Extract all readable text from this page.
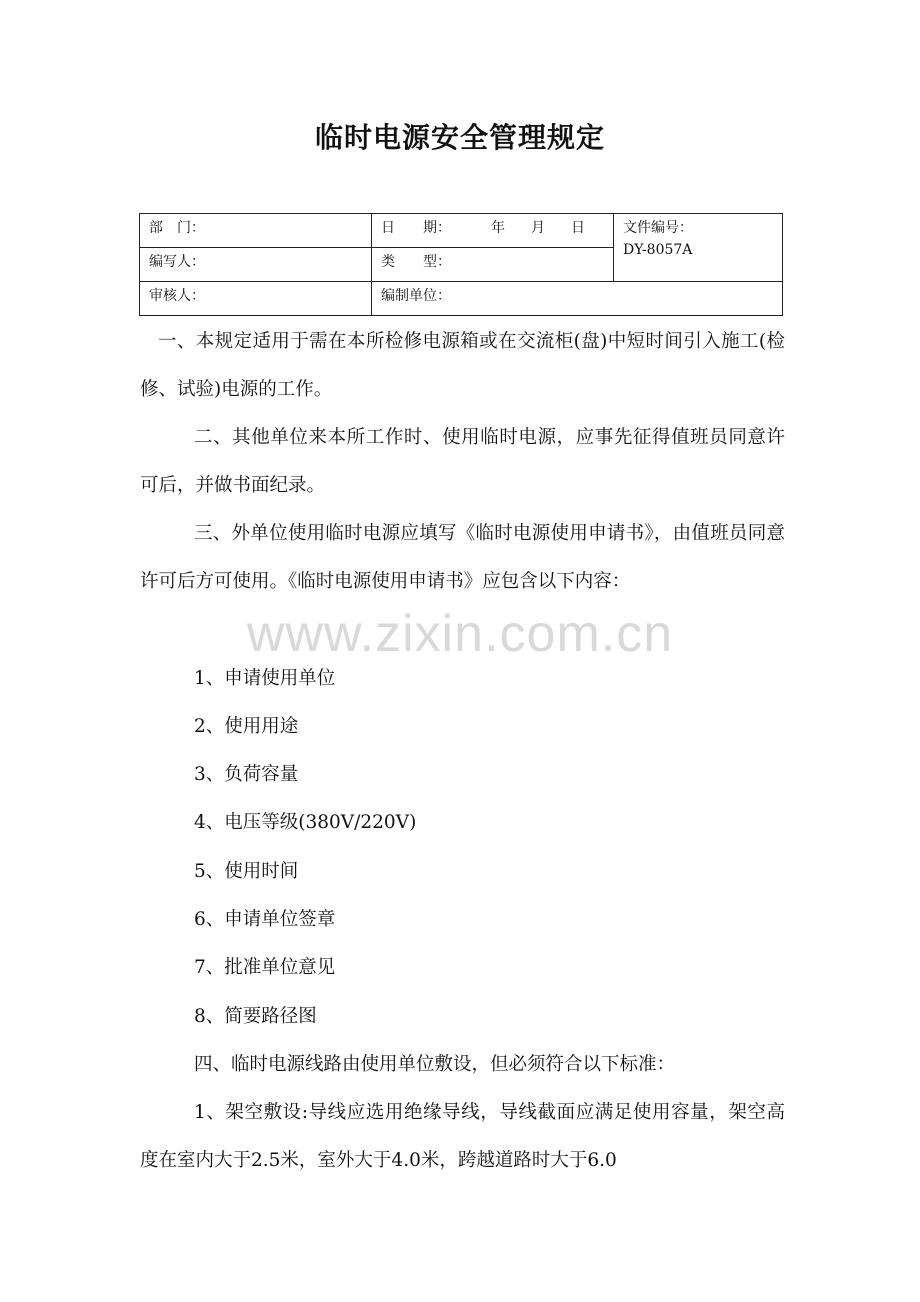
临时电源安全管理规定
部　门：	日　　期： 年 月 日	文件编号：
DY-8057A

编写人：	类　　型：	
审核人：	编制单位：	
www.zixin.com.cn

一、本规定适用于需在本所检修电源箱或在交流柜(盘)中短时间引入施工(检修、试验)电源的工作。

二、其他单位来本所工作时、使用临时电源，应事先征得值班员同意许可后，并做书面纪录。

三、外单位使用临时电源应填写《临时电源使用申请书》，由值班员同意许可后方可使用。《临时电源使用申请书》应包含以下内容：

1、申请使用单位

2、使用用途

3、负荷容量

4、电压等级(380V/220V)

5、使用时间

6、申请单位签章

7、批准单位意见

8、简要路径图

四、临时电源线路由使用单位敷设，但必须符合以下标准：

1、架空敷设:导线应选用绝缘导线，导线截面应满足使用容量，架空高度在室内大于2.5米，室外大于4.0米，跨越道路时大于6.0
